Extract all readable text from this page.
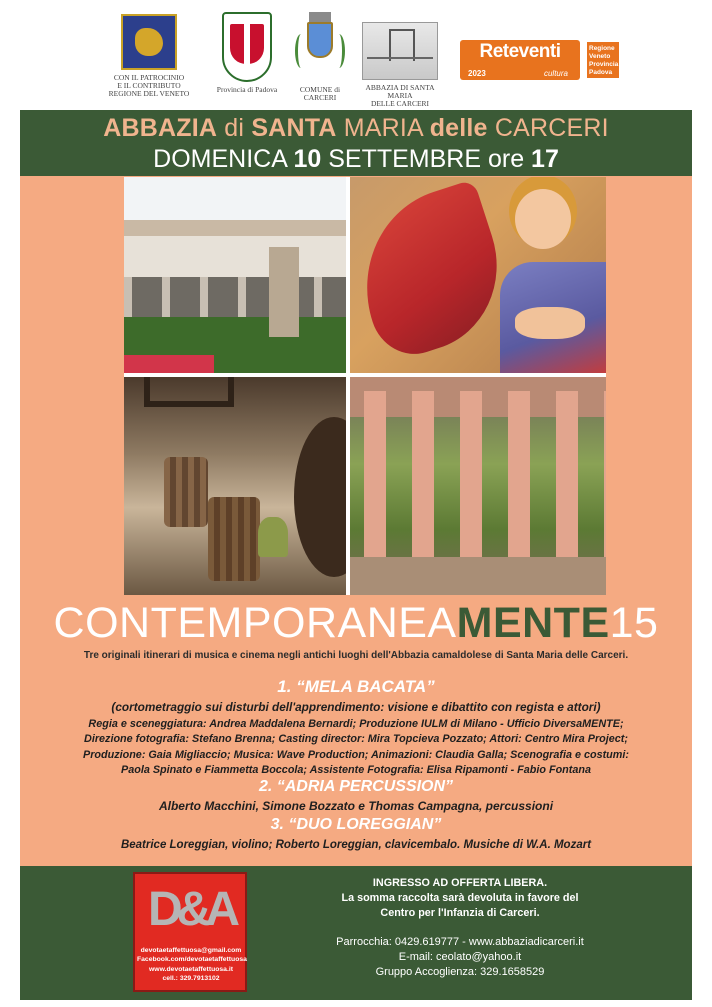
CON IL PATROCINIO
E IL CONTRIBUTO
REGIONE DEL VENETO	Provincia di Padova	COMUNE di
CARCERI
ABBAZIA DI SANTA MARIA
DELLE CARCERI
Reteventi
2023	cultura
Regione
Veneto
Provincia
Padova
ABBAZIA di SANTA MARIA delle CARCERI
DOMENICA 10 SETTEMBRE ore 17
CONTEMPORANEAMENTE15
Tre originali itinerari di musica e cinema negli antichi luoghi dell'Abbazia camaldolese di Santa Maria delle Carceri.
1. “MELA BACATA”
(cortometraggio sui disturbi dell'apprendimento: visione e dibattito con regista e attori)
Regia e sceneggiatura: Andrea Maddalena Bernardi; Produzione IULM di Milano - Ufficio DiversaMENTE;
Direzione fotografia: Stefano Brenna; Casting director: Mira Topcieva Pozzato; Attori: Centro Mira Project;
Produzione: Gaia Migliaccio; Musica: Wave Production; Animazioni: Claudia Galla; Scenografia e costumi:
Paola Spinato e Fiammetta Boccola; Assistente Fotografia: Elisa Ripamonti - Fabio Fontana
2. “ADRIA PERCUSSION”
Alberto Macchini, Simone Bozzato e Thomas Campagna, percussioni
3. “DUO LOREGGIAN”
Beatrice Loreggian, violino; Roberto Loreggian, clavicembalo. Musiche di W.A. Mozart
D&A
devotaetaffettuosa@gmail.com
Facebook.com/devotaetaffettuosa
www.devotaetaffettuosa.it
cell.: 329.7913102
INGRESSO AD OFFERTA LIBERA.
La somma raccolta sarà devoluta in favore del
Centro per l'Infanzia di Carceri.
Parrocchia: 0429.619777 - www.abbaziadicarceri.it
E-mail: ceolato@yahoo.it
Gruppo Accoglienza: 329.1658529
